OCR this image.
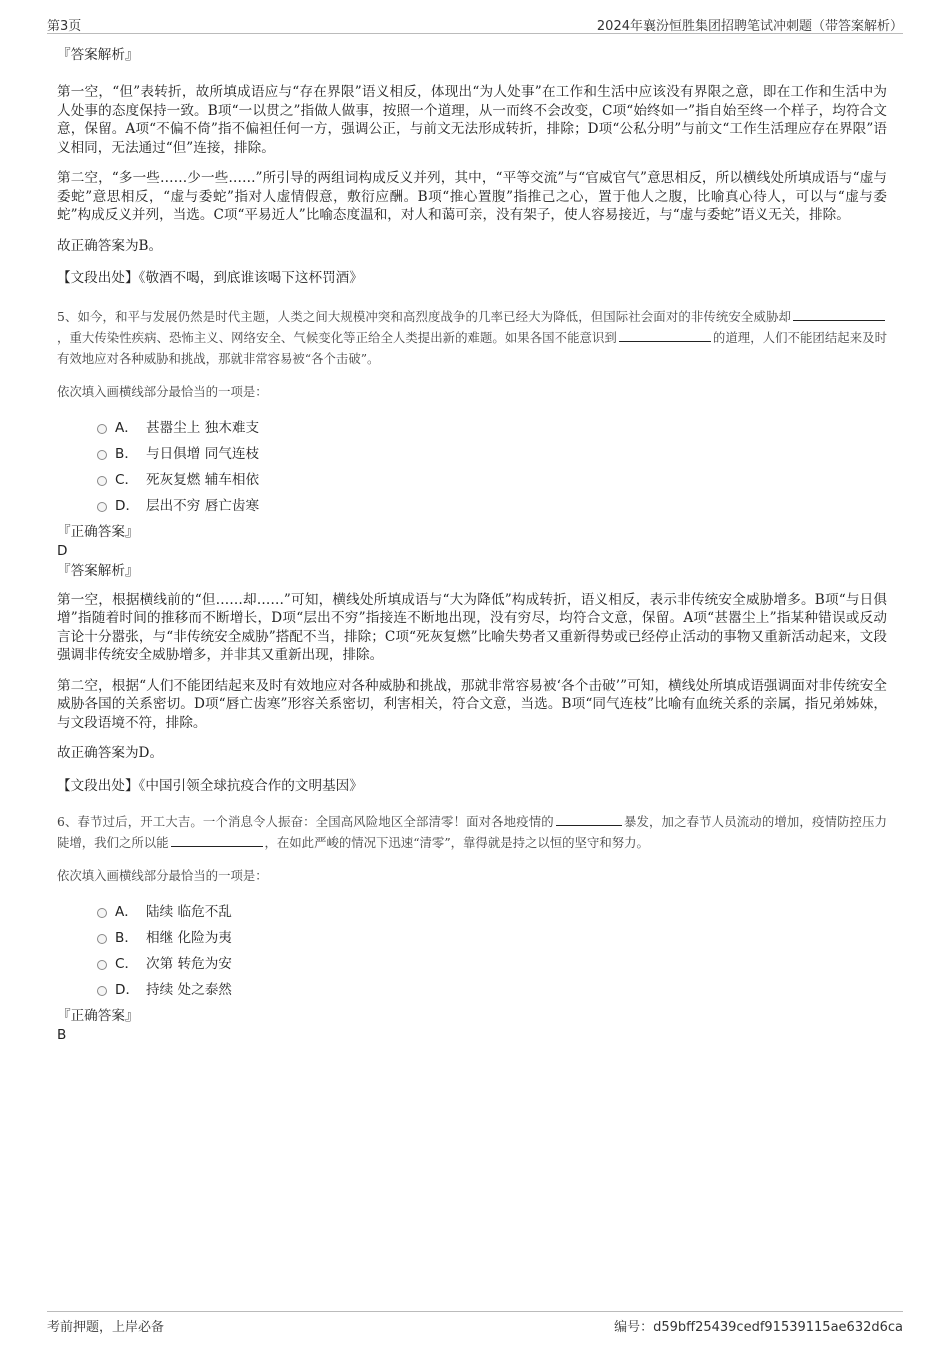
第3页	2024年襄汾恒胜集团招聘笔试冲刺题（带答案解析）

『答案解析』

第一空，“但”表转折，故所填成语应与“存在界限”语义相反，体现出“为人处事”在工作和生活中应该没有界限之意，即在工作和生活中为人处事的态度保持一致。B项“一以贯之”指做人做事，按照一个道理，从一而终不会改变，C项“始终如一”指自始至终一个样子，均符合文意，保留。A项“不偏不倚”指不偏袒任何一方，强调公正，与前文无法形成转折，排除；D项“公私分明”与前文“工作生活理应存在界限”语义相同，无法通过“但”连接，排除。

第二空，“多一些……少一些……”所引导的两组词构成反义并列，其中，“平等交流”与“官威官气”意思相反，所以横线处所填成语与“虚与委蛇”意思相反，“虚与委蛇”指对人虚情假意，敷衍应酬。B项“推心置腹”指推己之心，置于他人之腹，比喻真心待人，可以与“虚与委蛇”构成反义并列，当选。C项“平易近人”比喻态度温和，对人和蔼可亲，没有架子，使人容易接近，与“虚与委蛇”语义无关，排除。

故正确答案为B。

【文段出处】《敬酒不喝，到底谁该喝下这杯罚酒》

5、如今，和平与发展仍然是时代主题，人类之间大规模冲突和高烈度战争的几率已经大为降低，但国际社会面对的非传统安全威胁却，重大传染性疾病、恐怖主义、网络安全、气候变化等正给全人类提出新的难题。如果各国不能意识到	的道理，人们不能团结起来及时有效地应对各种威胁和挑战，那就非常容易被“各个击破”。

依次填入画横线部分最恰当的一项是：

A． 甚嚣尘上 独木难支
B． 与日俱增 同气连枝
C． 死灰复燃 辅车相依
D． 层出不穷 唇亡齿寒

『正确答案』

D

『答案解析』

第一空，根据横线前的“但……却……”可知，横线处所填成语与“大为降低”构成转折，语义相反，表示非传统安全威胁增多。B项“与日俱增”指随着时间的推移而不断增长，D项“层出不穷”指接连不断地出现，没有穷尽，均符合文意，保留。A项“甚嚣尘上”指某种错误或反动言论十分嚣张，与“非传统安全威胁”搭配不当，排除；C项“死灰复燃”比喻失势者又重新得势或已经停止活动的事物又重新活动起来，文段强调非传统安全威胁增多，并非其又重新出现，排除。

第二空，根据“人们不能团结起来及时有效地应对各种威胁和挑战，那就非常容易被‘各个击破’”可知，横线处所填成语强调面对非传统安全威胁各国的关系密切。D项“唇亡齿寒”形容关系密切，利害相关，符合文意，当选。B项“同气连枝”比喻有血统关系的亲属，指兄弟姊妹，与文段语境不符，排除。

故正确答案为D。

【文段出处】《中国引领全球抗疫合作的文明基因》

6、春节过后，开工大吉。一个消息令人振奋：全国高风险地区全部清零！面对各地疫情的	暴发，加之春节人员流动的增加，疫情防控压力陡增，我们之所以能	，在如此严峻的情况下迅速“清零”，靠得就是持之以恒的坚守和努力。

依次填入画横线部分最恰当的一项是：

A． 陆续 临危不乱
B． 相继 化险为夷
C． 次第 转危为安
D． 持续 处之泰然

『正确答案』

B

考前押题，上岸必备	编号：d59bff25439cedf91539115ae632d6ca
